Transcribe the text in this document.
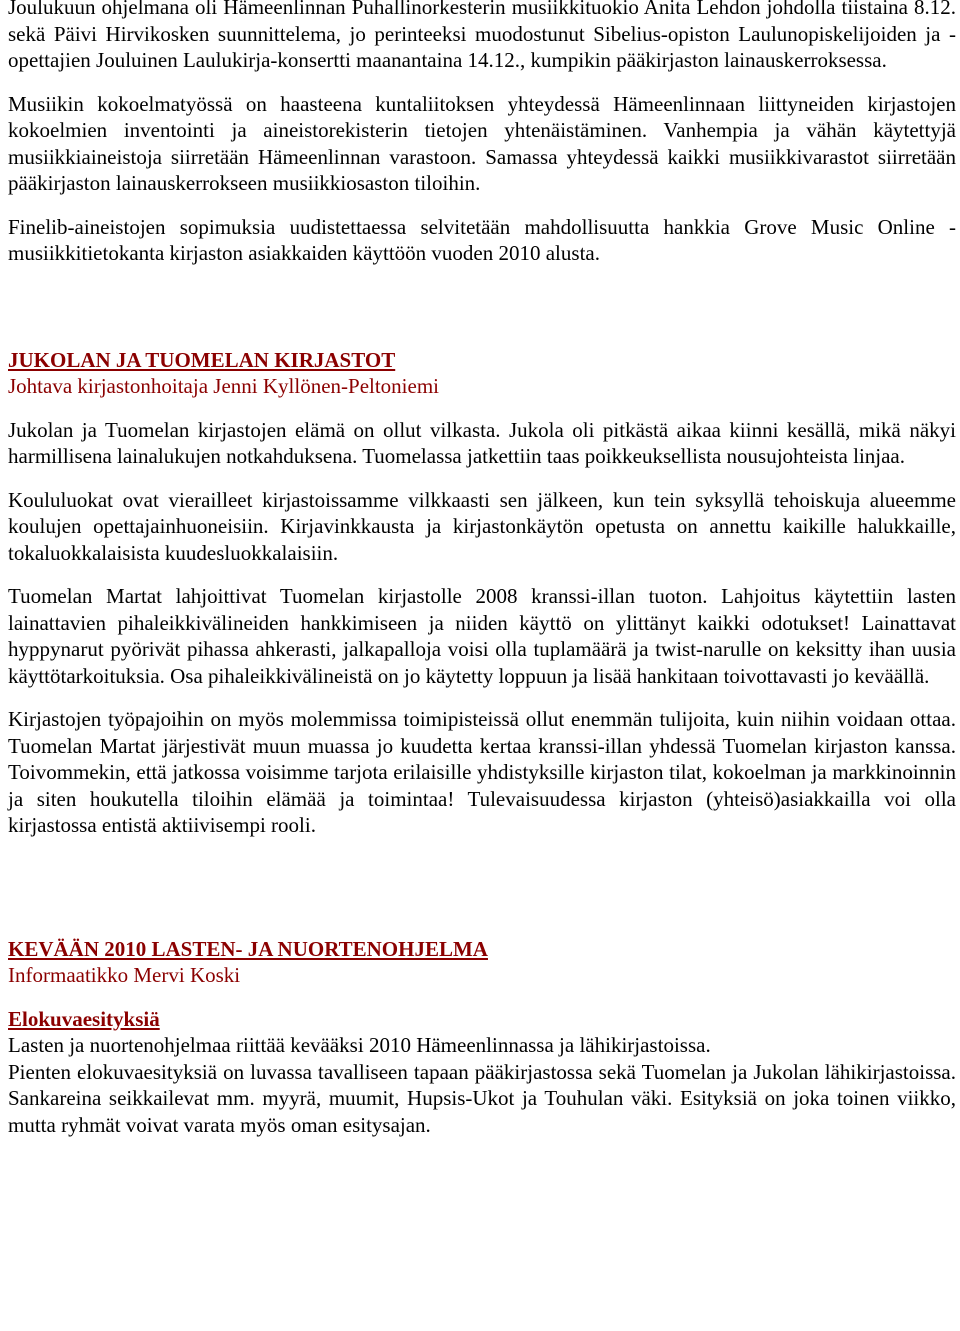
Joulukuun ohjelmana oli Hämeenlinnan Puhallinorkesterin musiikkituokio Anita Lehdon johdolla tiistaina 8.12. sekä Päivi Hirvikosken suunnittelema, jo perinteeksi muodostunut Sibelius-opiston Laulunopiskelijoiden ja -opettajien Jouluinen Laulukirja-konsertti maanantaina 14.12., kumpikin pääkirjaston lainauskerroksessa.

Musiikin kokoelmatyössä on haasteena kuntaliitoksen yhteydessä Hämeenlinnaan liittyneiden kirjastojen kokoelmien inventointi ja aineistorekisterin tietojen yhtenäistäminen. Vanhempia ja vähän käytettyjä musiikkiaineistoja siirretään Hämeenlinnan varastoon. Samassa yhteydessä kaikki musiikkivarastot siirretään pääkirjaston lainauskerrokseen musiikkiosaston tiloihin.

Finelib-aineistojen sopimuksia uudistettaessa selvitetään mahdollisuutta hankkia Grove Music Online -musiikkitietokanta kirjaston asiakkaiden käyttöön vuoden 2010 alusta.

JUKOLAN JA TUOMELAN KIRJASTOT
Johtava kirjastonhoitaja Jenni Kyllönen-Peltoniemi

Jukolan ja Tuomelan kirjastojen elämä on ollut vilkasta. Jukola oli pitkästä aikaa kiinni kesällä, mikä näkyi harmillisena lainalukujen notkahduksena. Tuomelassa jatkettiin taas poikkeuksellista nousujohteista linjaa.

Koululuokat ovat vierailleet kirjastoissamme vilkkaasti sen jälkeen, kun tein syksyllä tehoiskuja alueemme koulujen opettajainhuoneisiin. Kirjavinkkausta ja kirjastonkäytön opetusta on annettu kaikille halukkaille, tokaluokkalaisista kuudesluokkalaisiin.

Tuomelan Martat lahjoittivat Tuomelan kirjastolle 2008 kranssi-illan tuoton. Lahjoitus käytettiin lasten lainattavien pihaleikkivälineiden hankkimiseen ja niiden käyttö on ylittänyt kaikki odotukset! Lainattavat hyppynarut pyörivät pihassa ahkerasti, jalkapalloja voisi olla tuplamäärä ja twist-narulle on keksitty ihan uusia käyttötarkoituksia. Osa pihaleikkivälineistä on jo käytetty loppuun ja lisää hankitaan toivottavasti jo keväällä.

Kirjastojen työpajoihin on myös molemmissa toimipisteissä ollut enemmän tulijoita, kuin niihin voidaan ottaa. Tuomelan Martat järjestivät muun muassa jo kuudetta kertaa kranssi-illan yhdessä Tuomelan kirjaston kanssa. Toivommekin, että jatkossa voisimme tarjota erilaisille yhdistyksille kirjaston tilat, kokoelman ja markkinoinnin ja siten houkutella tiloihin elämää ja toimintaa! Tulevaisuudessa kirjaston (yhteisö)asiakkailla voi olla kirjastossa entistä aktiivisempi rooli.

KEVÄÄN 2010 LASTEN- JA NUORTENOHJELMA
Informaatikko Mervi Koski
Elokuvaesityksiä

Lasten ja nuortenohjelmaa riittää kevääksi 2010 Hämeenlinnassa ja lähikirjastoissa.

Pienten elokuvaesityksiä on luvassa tavalliseen tapaan pääkirjastossa sekä Tuomelan ja Jukolan lähikirjastoissa. Sankareina seikkailevat mm. myyrä, muumit, Hupsis-Ukot ja Touhulan väki. Esityksiä on joka toinen viikko, mutta ryhmät voivat varata myös oman esitysajan.
